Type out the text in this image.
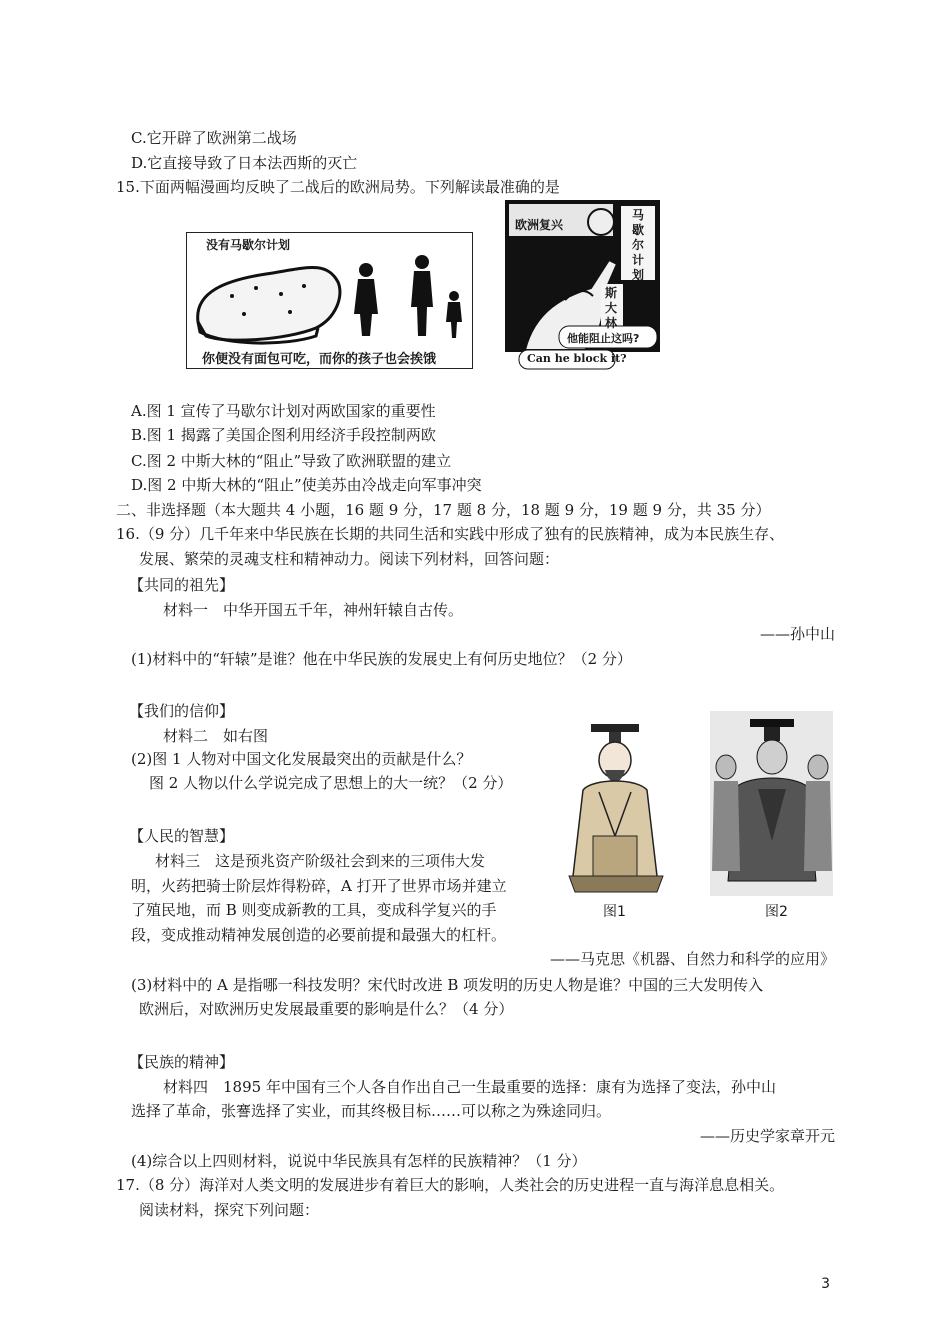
C.它开辟了欧洲第二战场
D.它直接导致了日本法西斯的灭亡
15.下面两幅漫画均反映了二战后的欧洲局势。下列解读最准确的是
没有马歇尔计划
你便没有面包可吃，而你的孩子也会挨饿
欧洲复兴
马歇尔计划
斯大林
他能阻止这吗?
Can he block it?
A.图 1 宣传了马歇尔计划对两欧国家的重要性
B.图 1 揭露了美国企图利用经济手段控制两欧
C.图 2 中斯大林的“阻止”导致了欧洲联盟的建立
D.图 2 中斯大林的“阻止”使美苏由冷战走向军事冲突
二、非选择题（本大题共 4 小题，16 题 9 分，17 题 8 分，18 题 9 分，19 题 9 分，共 35 分）
16.（9 分）几千年来中华民族在长期的共同生活和实践中形成了独有的民族精神，成为本民族生存、
发展、繁荣的灵魂支柱和精神动力。阅读下列材料，回答问题：
【共同的祖先】
材料一　中华开国五千年，神州轩辕自古传。
——孙中山
(1)材料中的“轩辕”是谁？他在中华民族的发展史上有何历史地位？（2 分）
【我们的信仰】
材料二　如右图
(2)图 1 人物对中国文化发展最突出的贡献是什么？
图 2 人物以什么学说完成了思想上的大一统？（2 分）
【人民的智慧】
材料三　这是预兆资产阶级社会到来的三项伟大发
明，火药把骑士阶层炸得粉碎，A 打开了世界市场并建立
了殖民地，而 B 则变成新教的工具，变成科学复兴的手
段，变成推动精神发展创造的必要前提和最强大的杠杆。
——马克思《机器、自然力和科学的应用》
图1	图2
(3)材料中的 A 是指哪一科技发明？宋代时改进 B 项发明的历史人物是谁？中国的三大发明传入
欧洲后，对欧洲历史发展最重要的影响是什么？（4 分）
【民族的精神】
材料四　1895 年中国有三个人各自作出自己一生最重要的选择：康有为选择了变法，孙中山
选择了革命，张謇选择了实业，而其终极目标……可以称之为殊途同归。
——历史学家章开元
(4)综合以上四则材料，说说中华民族具有怎样的民族精神？（1 分）
17.（8 分）海洋对人类文明的发展进步有着巨大的影响，人类社会的历史进程一直与海洋息息相关。
阅读材料，探究下列问题：
3
